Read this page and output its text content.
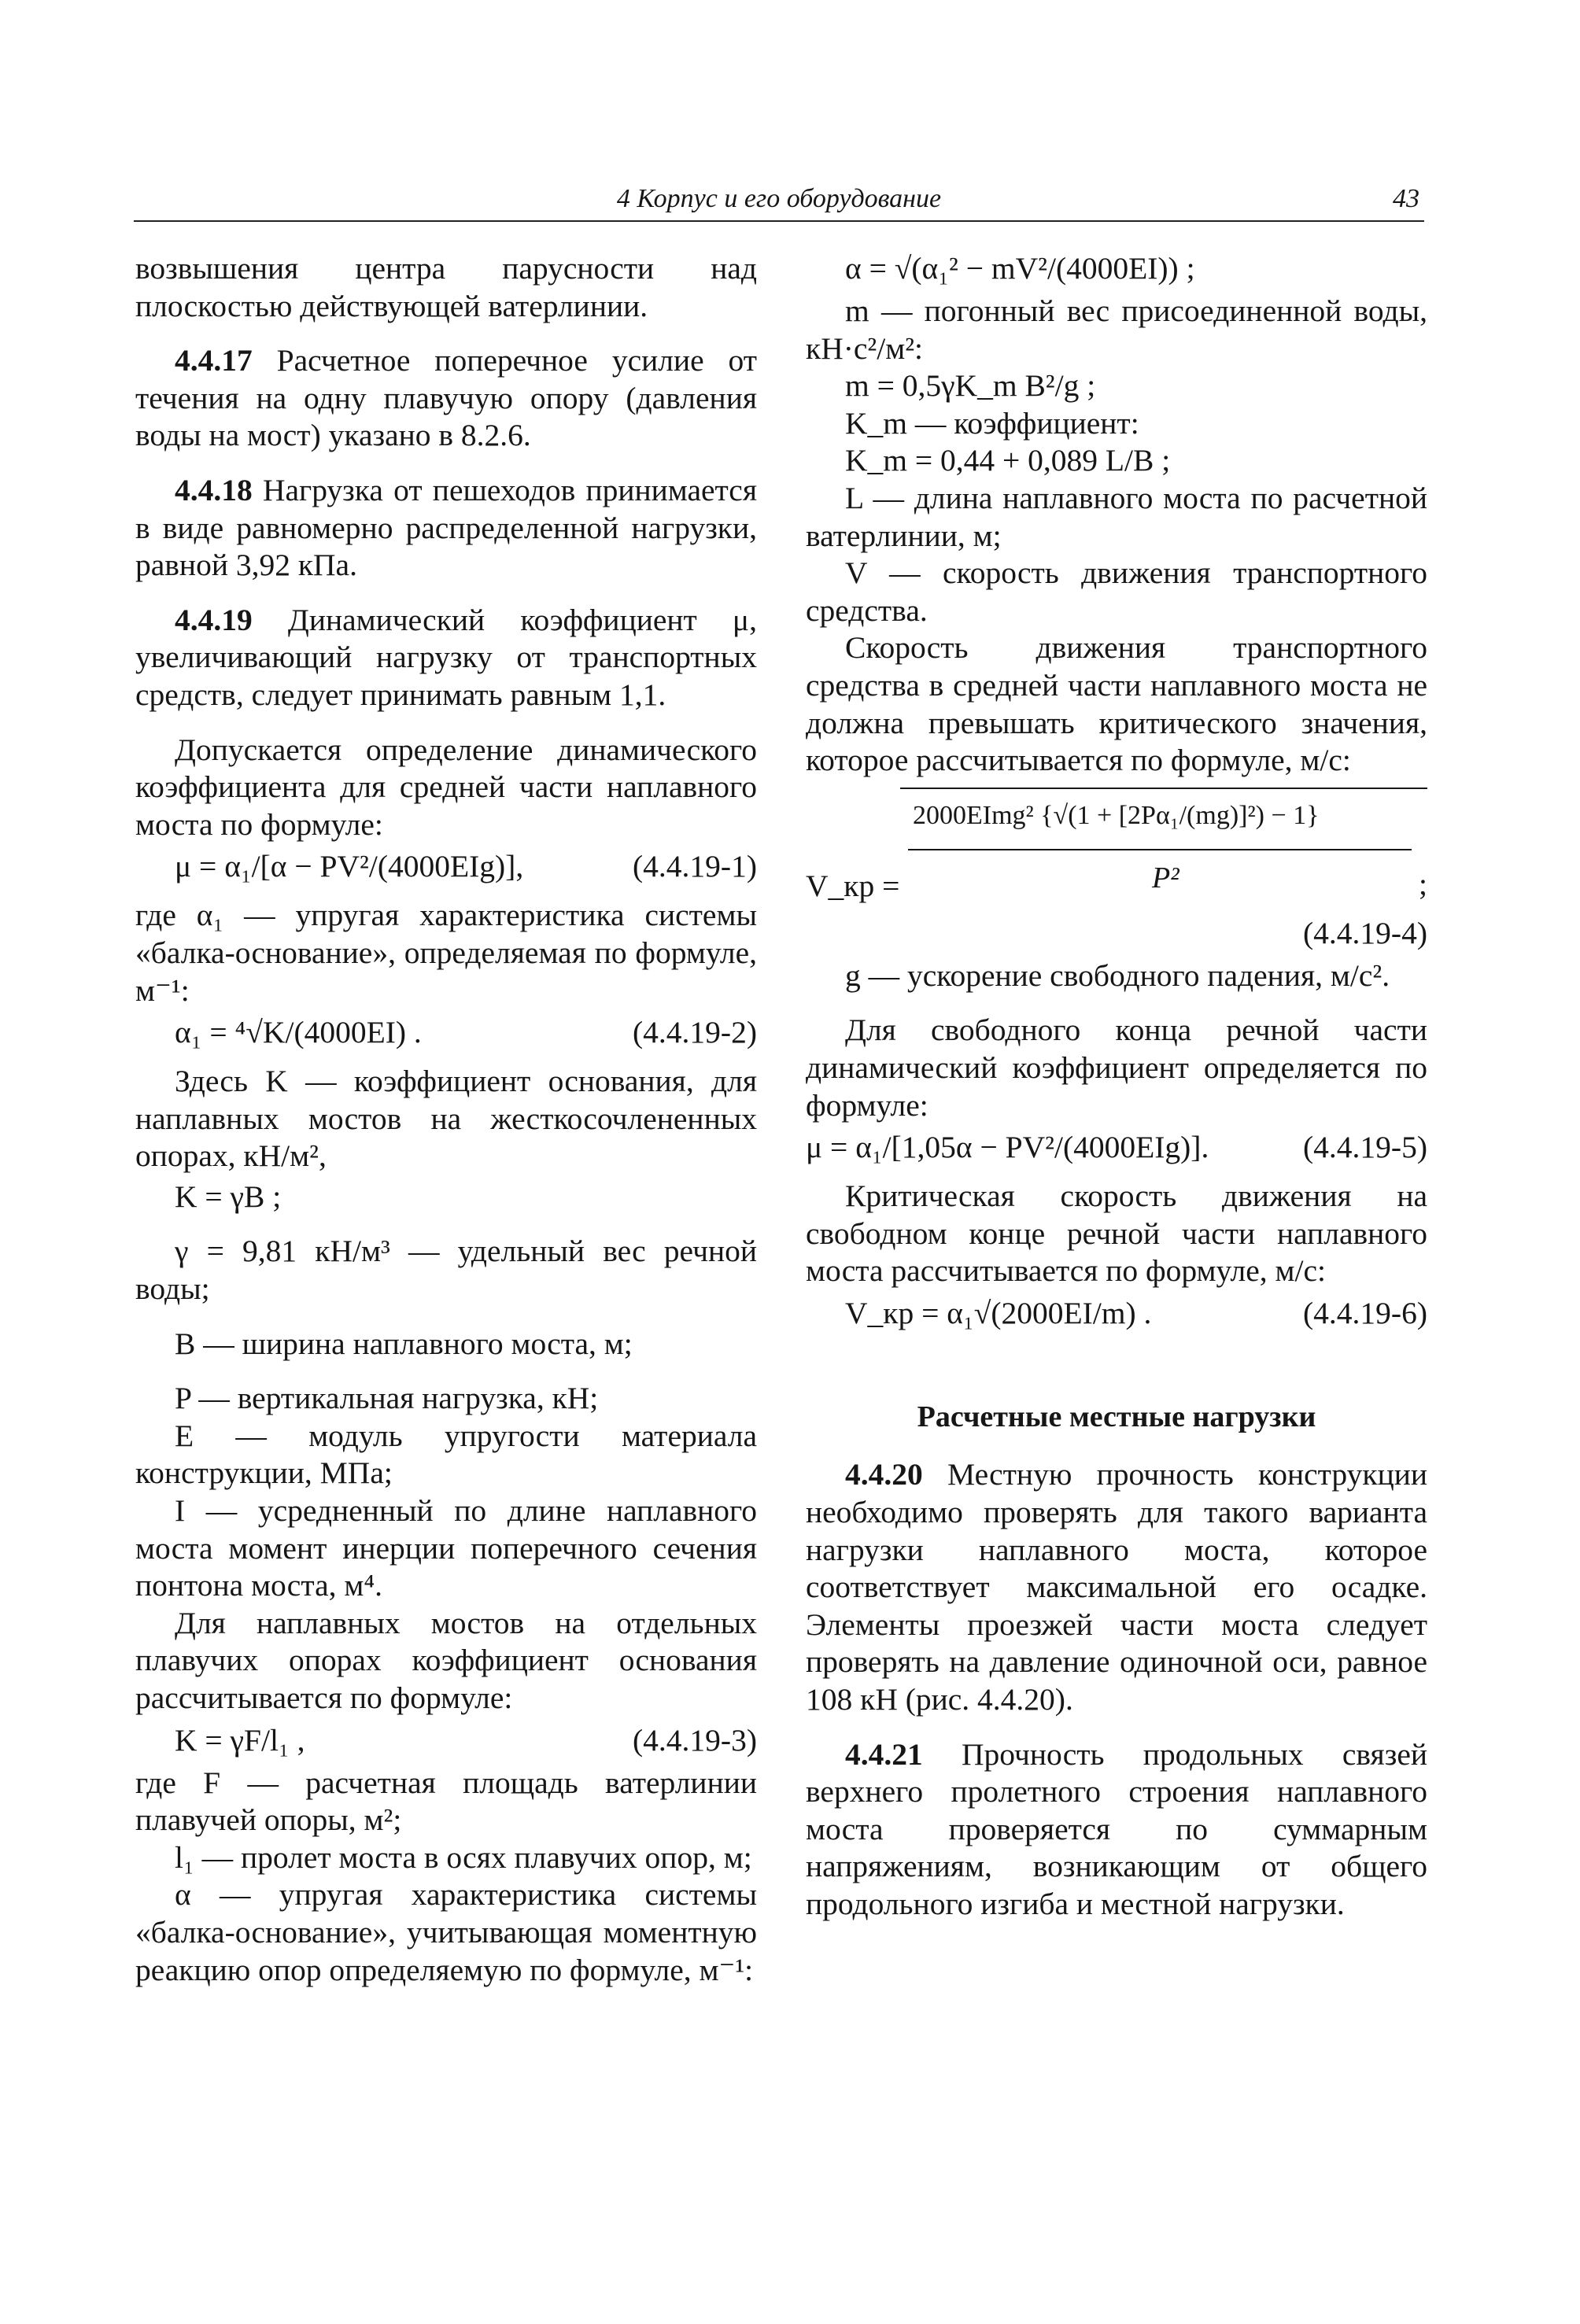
4 Корпус и его оборудование	43
возвышения центра парусности над плоскостью действующей ватерлинии.
4.4.17 Расчетное поперечное усилие от течения на одну плавучую опору (давления воды на мост) указано в 8.2.6.
4.4.18 Нагрузка от пешеходов принимается в виде равномерно распределенной нагрузки, равной 3,92 кПа.
4.4.19 Динамический коэффициент μ, увеличивающий нагрузку от транспортных средств, следует принимать равным 1,1.
Допускается определение динамического коэффициента для средней части наплавного моста по формуле:
μ = α₁/[α − PV²/(4000EIg)],	(4.4.19-1)
где α₁ — упругая характеристика системы «балка-основание», определяемая по формуле, м⁻¹:
α₁ = ⁴√K/(4000EI) .	(4.4.19-2)
Здесь K — коэффициент основания, для наплавных мостов на жесткосочлененных опорах, кН/м²,
K = γB ;
γ = 9,81 кН/м³ — удельный вес речной воды;
B — ширина наплавного моста, м;
P — вертикальная нагрузка, кН;
E — модуль упругости материала конструкции, МПа;
I — усредненный по длине наплавного моста момент инерции поперечного сечения понтона моста, м⁴.
Для наплавных мостов на отдельных плавучих опорах коэффициент основания рассчитывается по формуле:
K = γF/l₁ ,	(4.4.19-3)
где F — расчетная площадь ватерлинии плавучей опоры, м²;
l₁ — пролет моста в осях плавучих опор, м;
α — упругая характеристика системы «балка-основание», учитывающая моментную реакцию опор определяемую по формуле, м⁻¹:
α = √(α₁² − mV²/(4000EI)) ;
m — погонный вес присоединенной воды, кН·с²/м²:
m = 0,5γK_m B²/g ;
K_m — коэффициент:
K_m = 0,44 + 0,089 L/B ;
L — длина наплавного моста по расчетной ватерлинии, м;
V — скорость движения транспортного средства.
Скорость движения транспортного средства в средней части наплавного моста не должна превышать критического значения, которое рассчитывается по формуле, м/с:
V_кр =
2000EImg² {√(1 + [2Pα₁/(mg)]²) − 1}
P²	;
(4.4.19-4)
g — ускорение свободного падения, м/с².
Для свободного конца речной части динамический коэффициент определяется по формуле:
μ = α₁/[1,05α − PV²/(4000EIg)].	(4.4.19-5)
Критическая скорость движения на свободном конце речной части наплавного моста рассчитывается по формуле, м/с:
V_кр = α₁√(2000EI/m) .	(4.4.19-6)
Расчетные местные нагрузки
4.4.20 Местную прочность конструкции необходимо проверять для такого варианта нагрузки наплавного моста, которое соответствует максимальной его осадке. Элементы проезжей части моста следует проверять на давление одиночной оси, равное 108 кН (рис. 4.4.20).
4.4.21 Прочность продольных связей верхнего пролетного строения наплавного моста проверяется по суммарным напряжениям, возникающим от общего продольного изгиба и местной нагрузки.
